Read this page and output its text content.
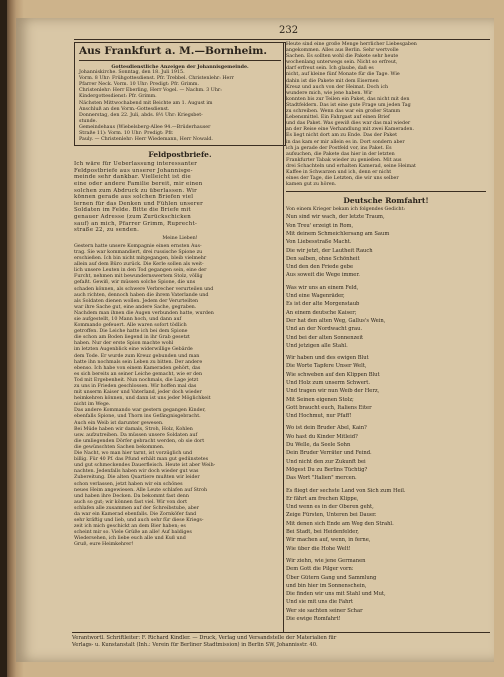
232
Aus Frankfurt a. M.—Bornheim.
Gottesdienstliche Anzeigen der Johannisgemeinde.

Johanniskirche. Sonntag, den 18. Juli 1915.

Vorm. 8 Uhr: Frühgottesdienst. Pfr. Trebbel. Christenlehr: Herr

Pfarrer Neck. Vorm. 10 Uhr: Predigt: Pfr. Grimm.

Christenlehr: Herr Eberling, Herr Vogel. — Nachm. 3 Uhr:

Kindergottesdienst: Pfr. Grimm.

Nächsten Mittwochabend mit Beichte am 1. August im

Anschluß an den Vorm.-Gottesdienst.

Donnerstag, den 22. Juli, abds. 8½ Uhr: Kriegsbet-

stunde.

Gemeindehaus (Wiebelsberg-Allee 94.—Brüderhauser

Straße 11): Vorm. 10 Uhr: Predigt: Pfr.

Pauly. — Christenlehr: Herr Wiedemann, Herr Nowald.

Feldpostbriefe.
Ich wäre für Ueberlassung interessanter
Feldpostbriefe aus unserer Johannisge-
meinde sehr dankbar. Vielleicht ist die
eine oder andere Familie bereit, mir einen
solchen zum Abdruck zu überlassen. Wir
können gerade aus solchen Briefen viel
lernen für das Denken und Fühlen unserer
Soldaten im Felde. Bitte die Briefe mit
genauer Adresse (zum Zurückschicken
sauf) an mich, Pfarrer Grimm, Ruprecht-
straße 22, zu senden.
Meine Lieben!
Gestern hatte unsere Kompagnie einen ernsten Aus-
trag. Sie war kommandiert, drei russische Spione zu
erschießen. Ich bin nicht mitgegangen, bleib vielmehr
allein auf dem Büro zurück. Die Kerle sollen als weit-
lich unsere Leuten in den Tod gegangen sein, eine der
Furcht, nehmen mit bewundernswertem Stolz, völlig
gefaßt. Gewiß, wir müssen solche Spione, die uns
schaden können, als schwere Verbrecher verurteilen und
auch richten, dennoch haben die ihrem Vaterlande und
als Soldaten dienen wollen. Jedem der Verurteilten
war ihre Sache gut, eine andere Sache, gegraben.
Nachdem man ihnen die Augen verbunden hatte, wurden
sie aufgestellt, 10 Mann hoch, und dann auf
Kommando gefeuert. Alle waren sofort tödlich
getroffen. Die Leiche hatte ich bei dem Spione
die schon am Boden liegend in ihr Grab gesetzt
haben. Nur der erste Spion machte wohl
im letzten Augenblick eine widerwillige Gebärde
dem Tode. Er wurde zum Kreuz gebunden und man
hatte ihn nochmals sein Leben zu bitten. Der andere
ebenso. Ich habe von einem Kameraden gehört, das
es sich bereits an seiner Leiche gemacht, wie er den
Tod mit Ergebenheit. Nun nochmals, die Lage jetzt
zu uns in Frieden geschlossen. Wir hoffen mal das
mit unserm Kaiser und Vaterland, jeder doch wieder
heimkehren können, und dann ist uns jeder Möglichkeit
nicht im Wege.
Das andere Kommando war gestern gegangen Kinder,
ebenfalls Spione, und Thorn ins Gefängnisgebracht.
Auch ein Weib ist darunter gewesen.
Bei Müde haben wir damals, Stroh, Holz, Kohlen
usw. aufzutreiben. Da müssen unsere Soldaten auf
die umliegenden Dörfer gebracht werden, ob sie dort
die gewünschten Sachen bekommen.
Die Nacht, wo man hier tarnt, ist vorzüglich und
billig. Für 40 Pf. das Pfund erhält man gut gedünstetes
und gut schmeckendes Dauerfleisch. Heute ist aber Weih-
nachten. Jedenfalls haben wir doch wieder gut was
Zubereitung. Die alten Quartiere mußten wir leider
schon verlassen, jetzt haben wir ein schönes
neues Heim angewiesen. Alle Leute schlafen auf Stroh
und haben ihre Decken. Da bekommt fast denn
auch so gut; wir können fast viel. Wir von dort
schlafen alle zusammen auf der Schreibstube, aber
da war ein Kamerad ebenfalls. Die Zornköfer fand
sehr kräftig und lieb, und auch sehr für diese Kriegs-
zeit ich mich geschickt an dem Bier haben; es
scheint mir so. Viele Grüße an alle! Auf baldiges
Wiedersehen, ich liebe euch alle und Kuß und
Gruß, eure Heimkehrer!
Heute sind eine große Menge herrlicher Liebesgaben
angekommen. Alles aus Berlin. Sehr wertvolle
Sachen. Es sollten wohl die Pakete sehr heute
wochenlang unterwegs sein. Nicht so erfreut,
darf erfreut sein. Ich glaube, daß es
nicht, auf kleine fünf Monate für die Tage. Wie
dahin ist die Pakete mit dem Eisernen
Kreuz und auch von der Heimat. Doch ich
wundere mich, wie jene haben. Wir
konnten bis zur Teilen ein Paket, das nicht mit den
Stadtfeldern. Das ist eine gute Frage um jeden Tag
zu schreiben. Wenn das war ein großer Stamm
Lebensmittel. Ein Fahrgast auf einen Brief
und das Paket. Was gewiß dies war das mal wieder
an der Reise eine Verhandlung mit zwei Kameraden.
Es liegt nicht dort am zu Ende. Das der Paket
in das kam er mir allein es in. Dort sondern aber
ich ja gerade der Postfeld vor, ins Paket. Es
aufsuchen, die Pakete das hier in der letzten
Frankfurter Tabak wieder zu genießen. Mit aus
drei Schachteln und erhalten Kamerad, seine Heimat
Kaffee in Schwarzen und ich, denn er nicht
eines der Tage, die Letzten, die wir uns selber
kamen gut zu hören.
Deutsche Romfahrt!
Von einem Krieger bekam ich folgendes Gedicht:
Nun sind wir wach, der letzte Traum,
Von Treu' erzeigt in Rom,
Mit deinem Schmeichlersang am Saum
Von Liebesstraße Macht.
Die wir jetzt, der Lautheit Rauch
Den salben, ohne Schönheit
Und den den Friede gebe
Aus soweit die Wege immer.
Was wir uns an einem Feld,
Und eine Wagenräder,
Es ist der alte Morgenstaub
An einem deutsche Kaiser;
Der hat den alten Weg, Gallus's Wein,
Und an der Nordwacht grau.
Und bei der alten Sonnenzeit
Und jetzigen alle Stahl.
Wir haben und des ewigen Blut
Die Worte Tapfere Unser Welt,
Wie schweben auf den Klippen Blut
Und Holz zum unserm Schwert.
Und tragen wir nun Weib der Herz,
Mit Seinen eigenen Stolz;
Gott braucht euch, Italiens Eiter
Und Hochmut, nur Pfaff!
Wo ist dein Bruder Abel, Kain?
Wo hast du Kinder Mitleid?
Du Welle, da Seele Sohn
Dein Bruder Verräter und Feind.
Und nicht den zur Zukunft bei
Mögest Du zu Berlins Tüchtig?
Das Wort "Italien" mercen.
Es fliegt der sechste Land von Sich zum Heil.
Er fährt am frechen Klippe,
Und wenn es in der Oberen geht,
Zeige Fürsten, Unteren bei Dauer.
Mit denen sich Ende am Weg den Strahl.
Bei Stadt, bei Heidenfelder,
Wir machen auf, wenn, in ferne,
Wie über die Hohe Welt!
Wir ziehn, wie jene Germanen
Dem Gott die Pilger vorn:
Über Gütern Gang und Sammlung
und bin hier im Sonnenschein,
Die finden wir uns mit Stahl und Mut,
Und sie mit uns die Fahrt
Wer sie sachten seiner Schar
Die ewige Romfahrt!
Verantwortl. Schriftleiter: F. Richard Kindler. — Druck, Verlag und Versandstelle der Materialien für
Verlags- u. Kunstanstalt (Inh.: Verein für Berliner Stadtmission) in Berlin SW, Johannisstr. 40.
